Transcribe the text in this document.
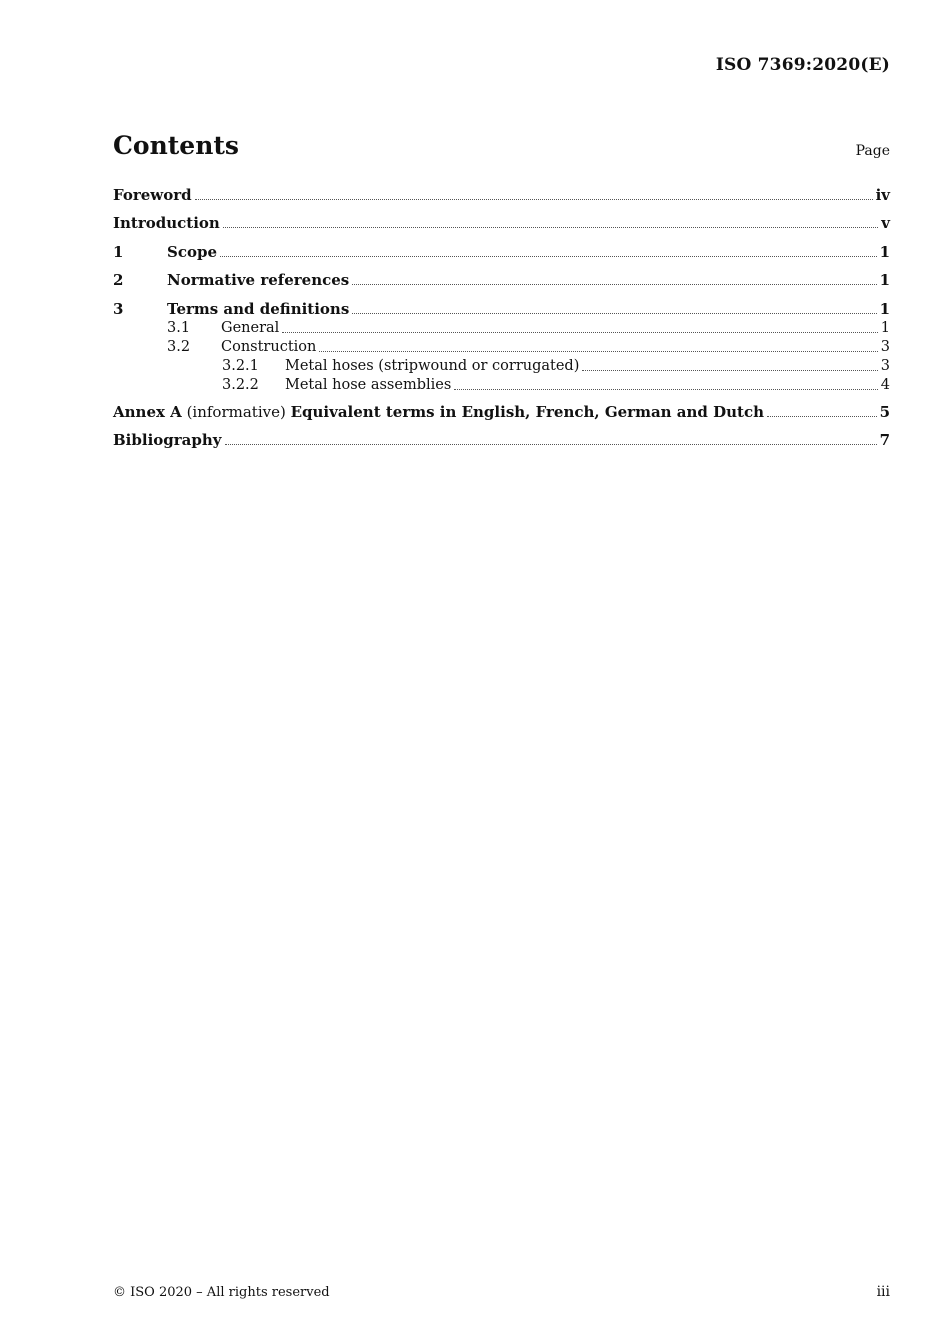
ISO 7369:2020(E)
Contents	Page
Foreword	iv
Introduction	v
1	Scope	1
2	Normative references	1
3	Terms and definitions	1
3.1	General	1
3.2	Construction	3
3.2.1	Metal hoses (stripwound or corrugated)	3
3.2.2	Metal hose assemblies	4
Annex A (informative) Equivalent terms in English, French, German and Dutch	5
Bibliography	7
© ISO 2020 – All rights reserved	iii
